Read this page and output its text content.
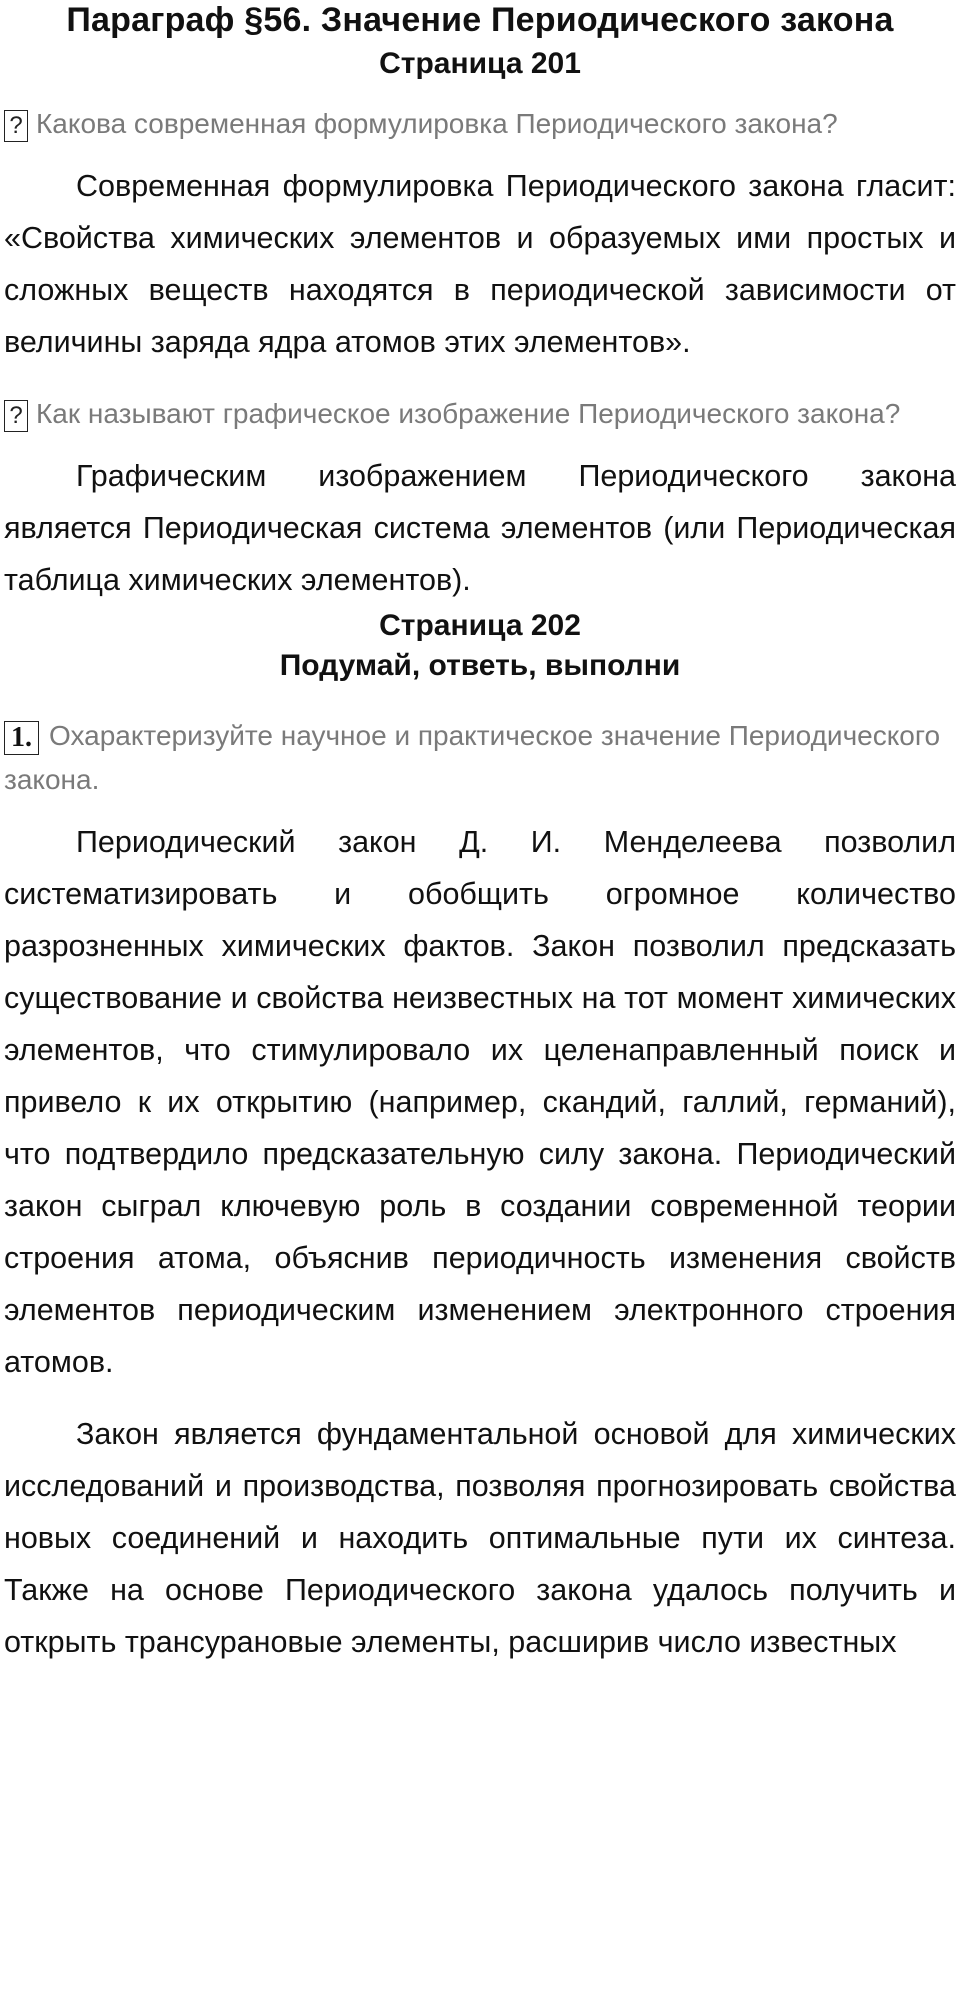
Параграф §56. Значение Периодического закона
Страница 201

? Какова современная формулировка Периодического закона?

Современная формулировка Периодического закона гласит: «Свойства химических элементов и образуемых ими простых и сложных веществ находятся в периодической зависимости от величины заряда ядра атомов этих элементов».

? Как называют графическое изображение Периодического закона?

Графическим изображением Периодического закона является Периодическая система элементов (или Периодическая таблица химических элементов).

Страница 202
Подумай, ответь, выполни

1. Охарактеризуйте научное и практическое значение Периодического закона.

Периодический закон Д. И. Менделеева позволил систематизировать и обобщить огромное количество разрозненных химических фактов. Закон позволил предсказать существование и свойства неизвестных на тот момент химических элементов, что стимулировало их целенаправленный поиск и привело к их открытию (например, скандий, галлий, германий), что подтвердило предсказательную силу закона. Периодический закон сыграл ключевую роль в создании современной теории строения атома, объяснив периодичность изменения свойств элементов периодическим изменением электронного строения атомов.

Закон является фундаментальной основой для химических исследований и производства, позволяя прогнозировать свойства новых соединений и находить оптимальные пути их синтеза. Также на основе Периодического закона удалось получить и открыть трансурановые элементы, расширив число известных
